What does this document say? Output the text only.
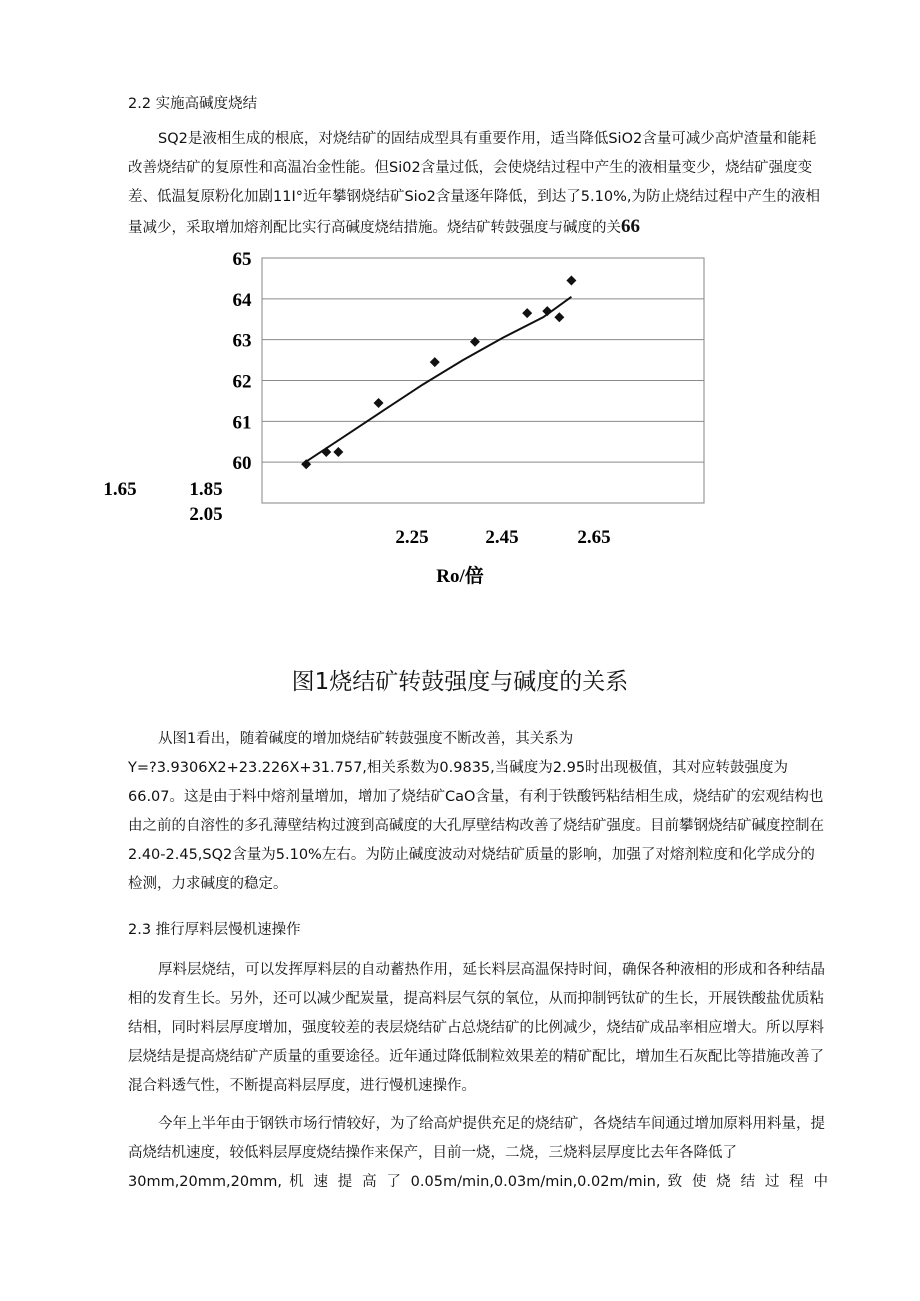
2.2 实施高碱度烧结
SQ2是液相生成的根底，对烧结矿的固结成型具有重要作用，适当降低SiO2含量可减少高炉渣量和能耗改善烧结矿的复原性和高温冶金性能。但Si02含量过低，会使烧结过程中产生的液相量变少，烧结矿强度变差、低温复原粉化加剧11I°近年攀钢烧结矿Sio2含量逐年降低，到达了5.10%,为防止烧结过程中产生的液相量减少，采取增加熔剂配比实行高碱度烧结措施。烧结矿转鼓强度与碱度的关66
65
64
63
62
61
60
1.65	1.85
2.05
2.25	2.45	2.65
Ro/倍
图1烧结矿转鼓强度与碱度的关系
从图1看出，随着碱度的增加烧结矿转鼓强度不断改善，其关系为
Y=?3.9306X2+23.226X+31.757,相关系数为0.9835,当碱度为2.95时出现极值，其对应转鼓强度为66.07。这是由于料中熔剂量增加，增加了烧结矿CaO含量，有利于铁酸钙粘结相生成，烧结矿的宏观结构也由之前的自溶性的多孔薄壁结构过渡到高碱度的大孔厚壁结构改善了烧结矿强度。目前攀钢烧结矿碱度控制在2.40-2.45,SQ2含量为5.10%左右。为防止碱度波动对烧结矿质量的影响，加强了对熔剂粒度和化学成分的检测，力求碱度的稳定。
2.3 推行厚料层慢机速操作
厚料层烧结，可以发挥厚料层的自动蓄热作用，延长料层高温保持时间，确保各种液相的形成和各种结晶相的发育生长。另外，还可以减少配炭量，提高料层气氛的氧位，从而抑制钙钛矿的生长，开展铁酸盐优质粘结相，同时料层厚度增加，强度较差的表层烧结矿占总烧结矿的比例减少，烧结矿成品率相应增大。所以厚料层烧结是提高烧结矿产质量的重要途径。近年通过降低制粒效果差的精矿配比，增加生石灰配比等措施改善了混合料透气性，不断提高料层厚度，进行慢机速操作。
今年上半年由于钢铁市场行情较好，为了给高炉提供充足的烧结矿，各烧结车间通过增加原料用料量，提高烧结机速度，较低料层厚度烧结操作来保产，目前一烧，二烧，三烧料层厚度比去年各降低了
30mm,20mm,20mm, 机 速 提 高 了 0.05m/min,0.03m/min,0.02m/min, 致 使 烧 结 过 程 中
